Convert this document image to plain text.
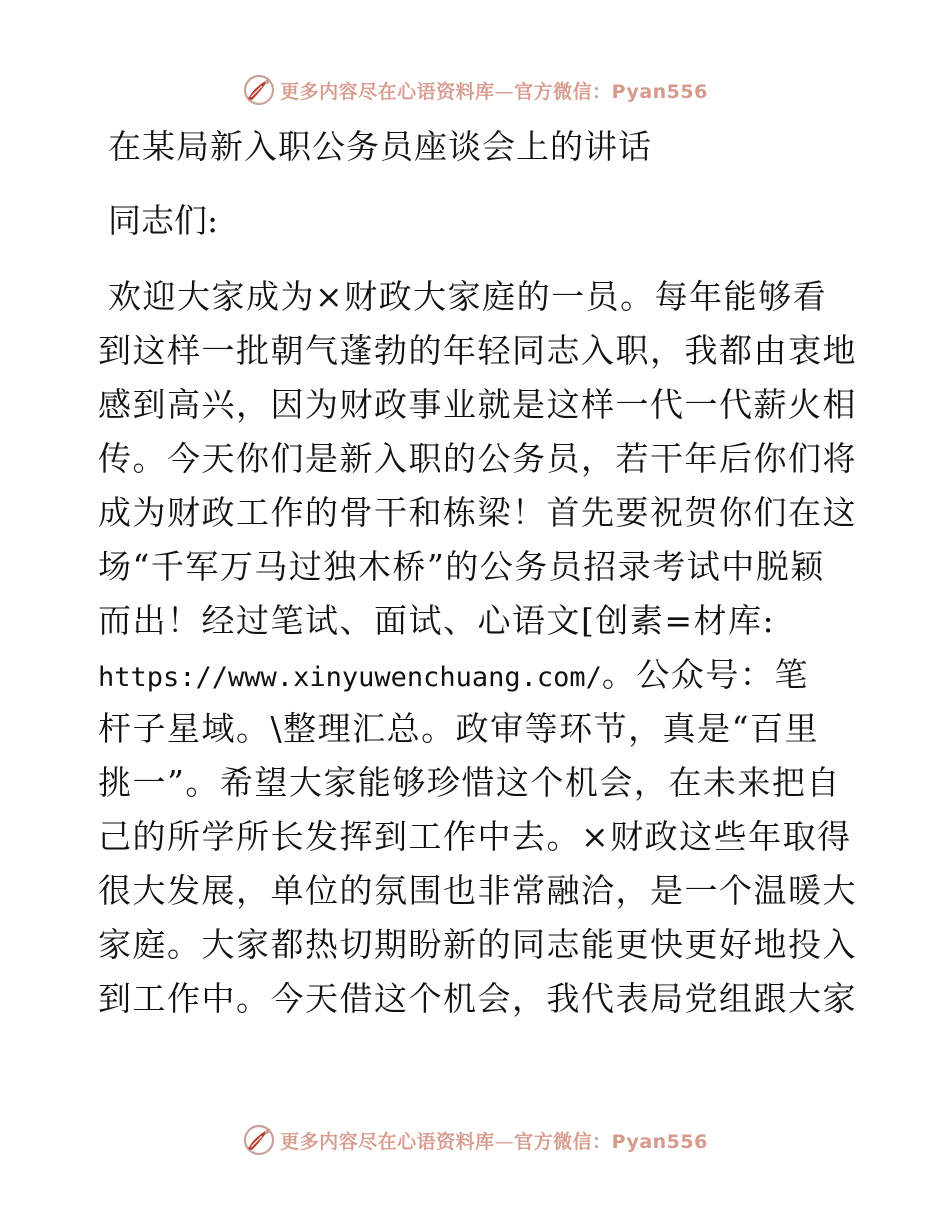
更多内容尽在心语资料库—官方微信：Pyan556
在某局新入职公务员座谈会上的讲话

同志们:

欢迎大家成为×财政大家庭的一员。每年能够看
到这样一批朝气蓬勃的年轻同志入职，我都由衷地
感到高兴，因为财政事业就是这样一代一代薪火相
传。今天你们是新入职的公务员，若干年后你们将
成为财政工作的骨干和栋梁！首先要祝贺你们在这
场“千军万马过独木桥”的公务员招录考试中脱颖
而出！经过笔试、面试、心语文[创素=材库:
https://www.xinyuwenchuang.com/。公众号：笔
杆子星域。\整理汇总。政审等环节，真是“百里
挑一”。希望大家能够珍惜这个机会，在未来把自
己的所学所长发挥到工作中去。×财政这些年取得
很大发展，单位的氛围也非常融洽，是一个温暖大
家庭。大家都热切期盼新的同志能更快更好地投入
到工作中。今天借这个机会，我代表局党组跟大家
更多内容尽在心语资料库—官方微信：Pyan556
